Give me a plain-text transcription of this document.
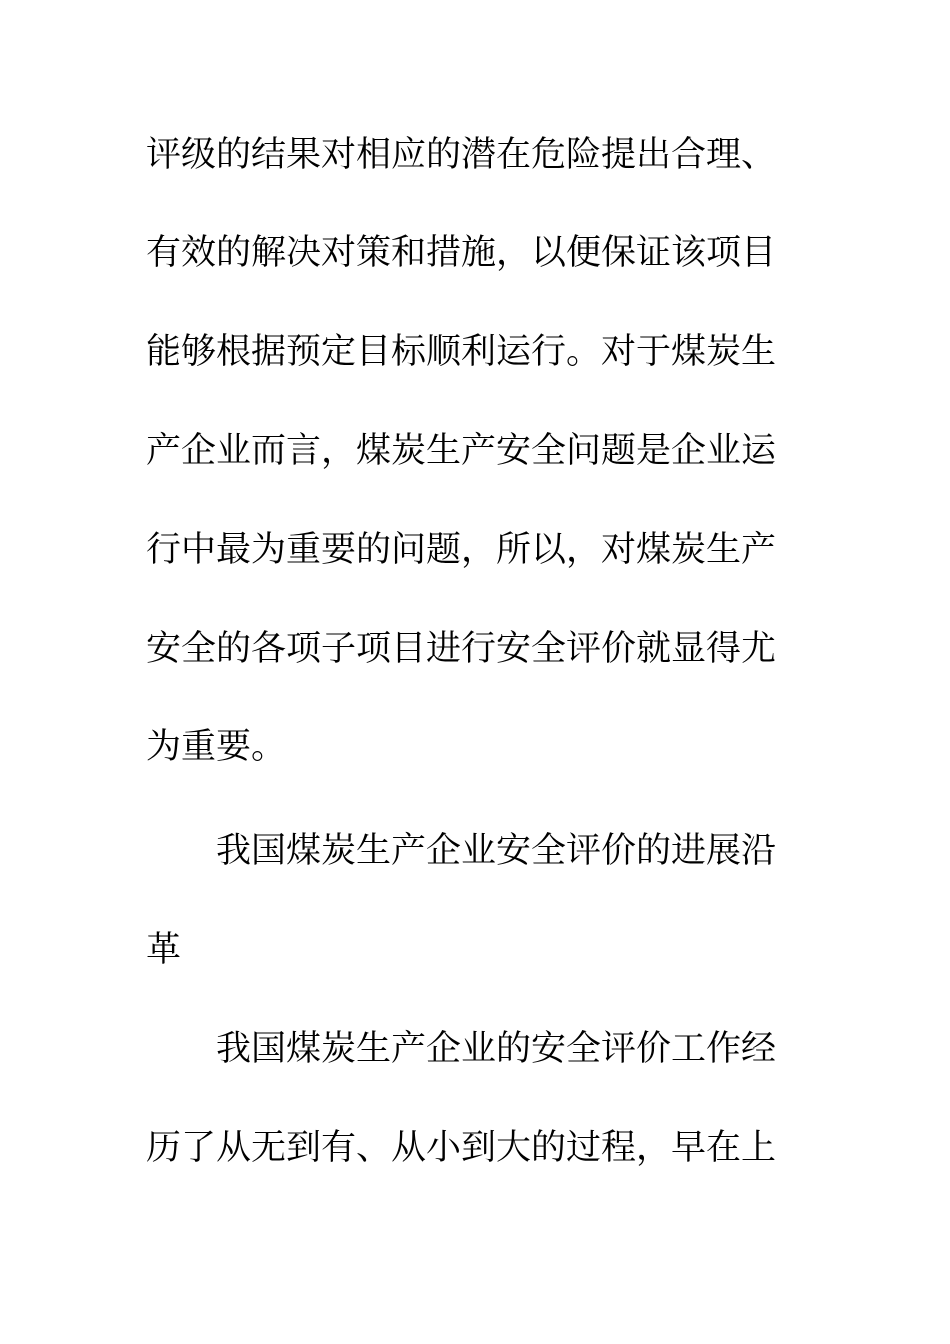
评级的结果对相应的潜在危险提出合理、
有效的解决对策和措施，以便保证该项目
能够根据预定目标顺利运行。对于煤炭生
产企业而言，煤炭生产安全问题是企业运
行中最为重要的问题，所以，对煤炭生产
安全的各项子项目进行安全评价就显得尤
为重要。
我国煤炭生产企业安全评价的进展沿
革
我国煤炭生产企业的安全评价工作经
历了从无到有、从小到大的过程，早在上
